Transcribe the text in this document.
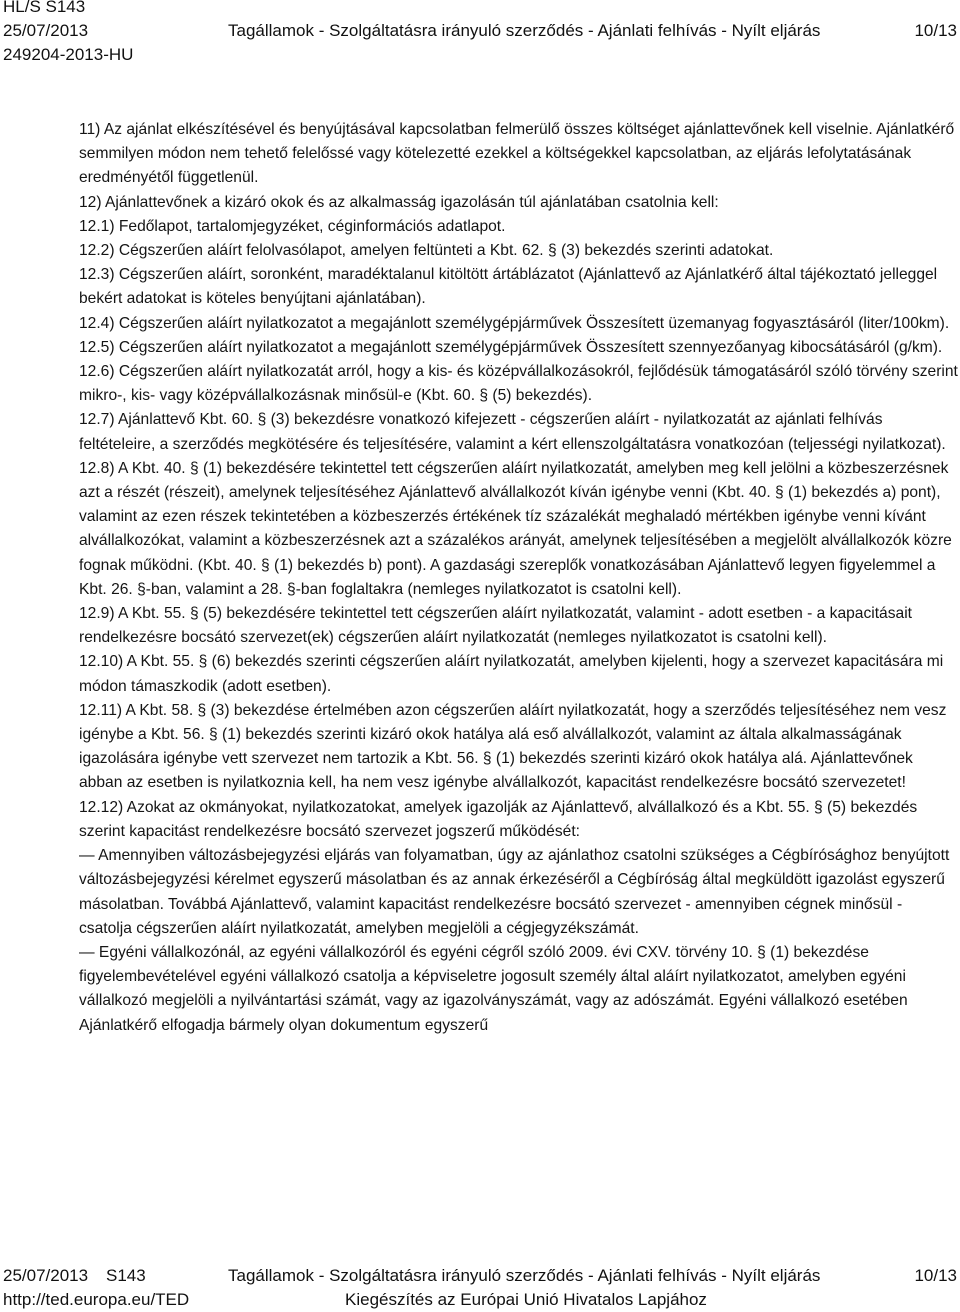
HL/S S143
25/07/2013	Tagállamok - Szolgáltatásra irányuló szerződés - Ajánlati felhívás - Nyílt eljárás	10/13
249204-2013-HU

11) Az ajánlat elkészítésével és benyújtásával kapcsolatban felmerülő összes költséget ajánlattevőnek kell viselnie. Ajánlatkérő semmilyen módon nem tehető felelőssé vagy kötelezetté ezekkel a költségekkel kapcsolatban, az eljárás lefolytatásának eredményétől függetlenül.

12) Ajánlattevőnek a kizáró okok és az alkalmasság igazolásán túl ajánlatában csatolnia kell:

12.1) Fedőlapot, tartalomjegyzéket, céginformációs adatlapot.

12.2) Cégszerűen aláírt felolvasólapot, amelyen feltünteti a Kbt. 62. § (3) bekezdés szerinti adatokat.

12.3) Cégszerűen aláírt, soronként, maradéktalanul kitöltött ártáblázatot (Ajánlattevő az Ajánlatkérő által tájékoztató jelleggel bekért adatokat is köteles benyújtani ajánlatában).

12.4) Cégszerűen aláírt nyilatkozatot a megajánlott személygépjárművek Összesített üzemanyag fogyasztásáról (liter/100km).

12.5) Cégszerűen aláírt nyilatkozatot a megajánlott személygépjárművek Összesített szennyezőanyag kibocsátásáról (g/km).

12.6) Cégszerűen aláírt nyilatkozatát arról, hogy a kis- és középvállalkozásokról, fejlődésük támogatásáról szóló törvény szerint mikro-, kis- vagy középvállalkozásnak minősül-e (Kbt. 60. § (5) bekezdés).

12.7) Ajánlattevő Kbt. 60. § (3) bekezdésre vonatkozó kifejezett - cégszerűen aláírt - nyilatkozatát az ajánlati felhívás feltételeire, a szerződés megkötésére és teljesítésére, valamint a kért ellenszolgáltatásra vonatkozóan (teljességi nyilatkozat).

12.8) A Kbt. 40. § (1) bekezdésére tekintettel tett cégszerűen aláírt nyilatkozatát, amelyben meg kell jelölni a közbeszerzésnek azt a részét (részeit), amelynek teljesítéséhez Ajánlattevő alvállalkozót kíván igénybe venni (Kbt. 40. § (1) bekezdés a) pont), valamint az ezen részek tekintetében a közbeszerzés értékének tíz százalékát meghaladó mértékben igénybe venni kívánt alvállalkozókat, valamint a közbeszerzésnek azt a százalékos arányát, amelynek teljesítésében a megjelölt alvállalkozók közre fognak működni. (Kbt. 40. § (1) bekezdés b) pont). A gazdasági szereplők vonatkozásában Ajánlattevő legyen figyelemmel a Kbt. 26. §-ban, valamint a 28. §-ban foglaltakra (nemleges nyilatkozatot is csatolni kell).

12.9) A Kbt. 55. § (5) bekezdésére tekintettel tett cégszerűen aláírt nyilatkozatát, valamint - adott esetben - a kapacitásait rendelkezésre bocsátó szervezet(ek) cégszerűen aláírt nyilatkozatát (nemleges nyilatkozatot is csatolni kell).

12.10) A Kbt. 55. § (6) bekezdés szerinti cégszerűen aláírt nyilatkozatát, amelyben kijelenti, hogy a szervezet kapacitására mi módon támaszkodik (adott esetben).

12.11) A Kbt. 58. § (3) bekezdése értelmében azon cégszerűen aláírt nyilatkozatát, hogy a szerződés teljesítéséhez nem vesz igénybe a Kbt. 56. § (1) bekezdés szerinti kizáró okok hatálya alá eső alvállalkozót, valamint az általa alkalmasságának igazolására igénybe vett szervezet nem tartozik a Kbt. 56. § (1) bekezdés szerinti kizáró okok hatálya alá. Ajánlattevőnek abban az esetben is nyilatkoznia kell, ha nem vesz igénybe alvállalkozót, kapacitást rendelkezésre bocsátó szervezetet!

12.12) Azokat az okmányokat, nyilatkozatokat, amelyek igazolják az Ajánlattevő, alvállalkozó és a Kbt. 55. § (5) bekezdés szerint kapacitást rendelkezésre bocsátó szervezet jogszerű működését:

— Amennyiben változásbejegyzési eljárás van folyamatban, úgy az ajánlathoz csatolni szükséges a Cégbírósághoz benyújtott változásbejegyzési kérelmet egyszerű másolatban és az annak érkezéséről a Cégbíróság által megküldött igazolást egyszerű másolatban. Továbbá Ajánlattevő, valamint kapacitást rendelkezésre bocsátó szervezet - amennyiben cégnek minősül - csatolja cégszerűen aláírt nyilatkozatát, amelyben megjelöli a cégjegyzékszámát.

— Egyéni vállalkozónál, az egyéni vállalkozóról és egyéni cégről szóló 2009. évi CXV. törvény 10. § (1) bekezdése figyelembevételével egyéni vállalkozó csatolja a képviseletre jogosult személy által aláírt nyilatkozatot, amelyben egyéni vállalkozó megjelöli a nyilvántartási számát, vagy az igazolványszámát, vagy az adószámát. Egyéni vállalkozó esetében Ajánlatkérő elfogadja bármely olyan dokumentum egyszerű

25/07/2013 S143	Tagállamok - Szolgáltatásra irányuló szerződés - Ajánlati felhívás - Nyílt eljárás	10/13
http://ted.europa.eu/TED	Kiegészítés az Európai Unió Hivatalos Lapjához
